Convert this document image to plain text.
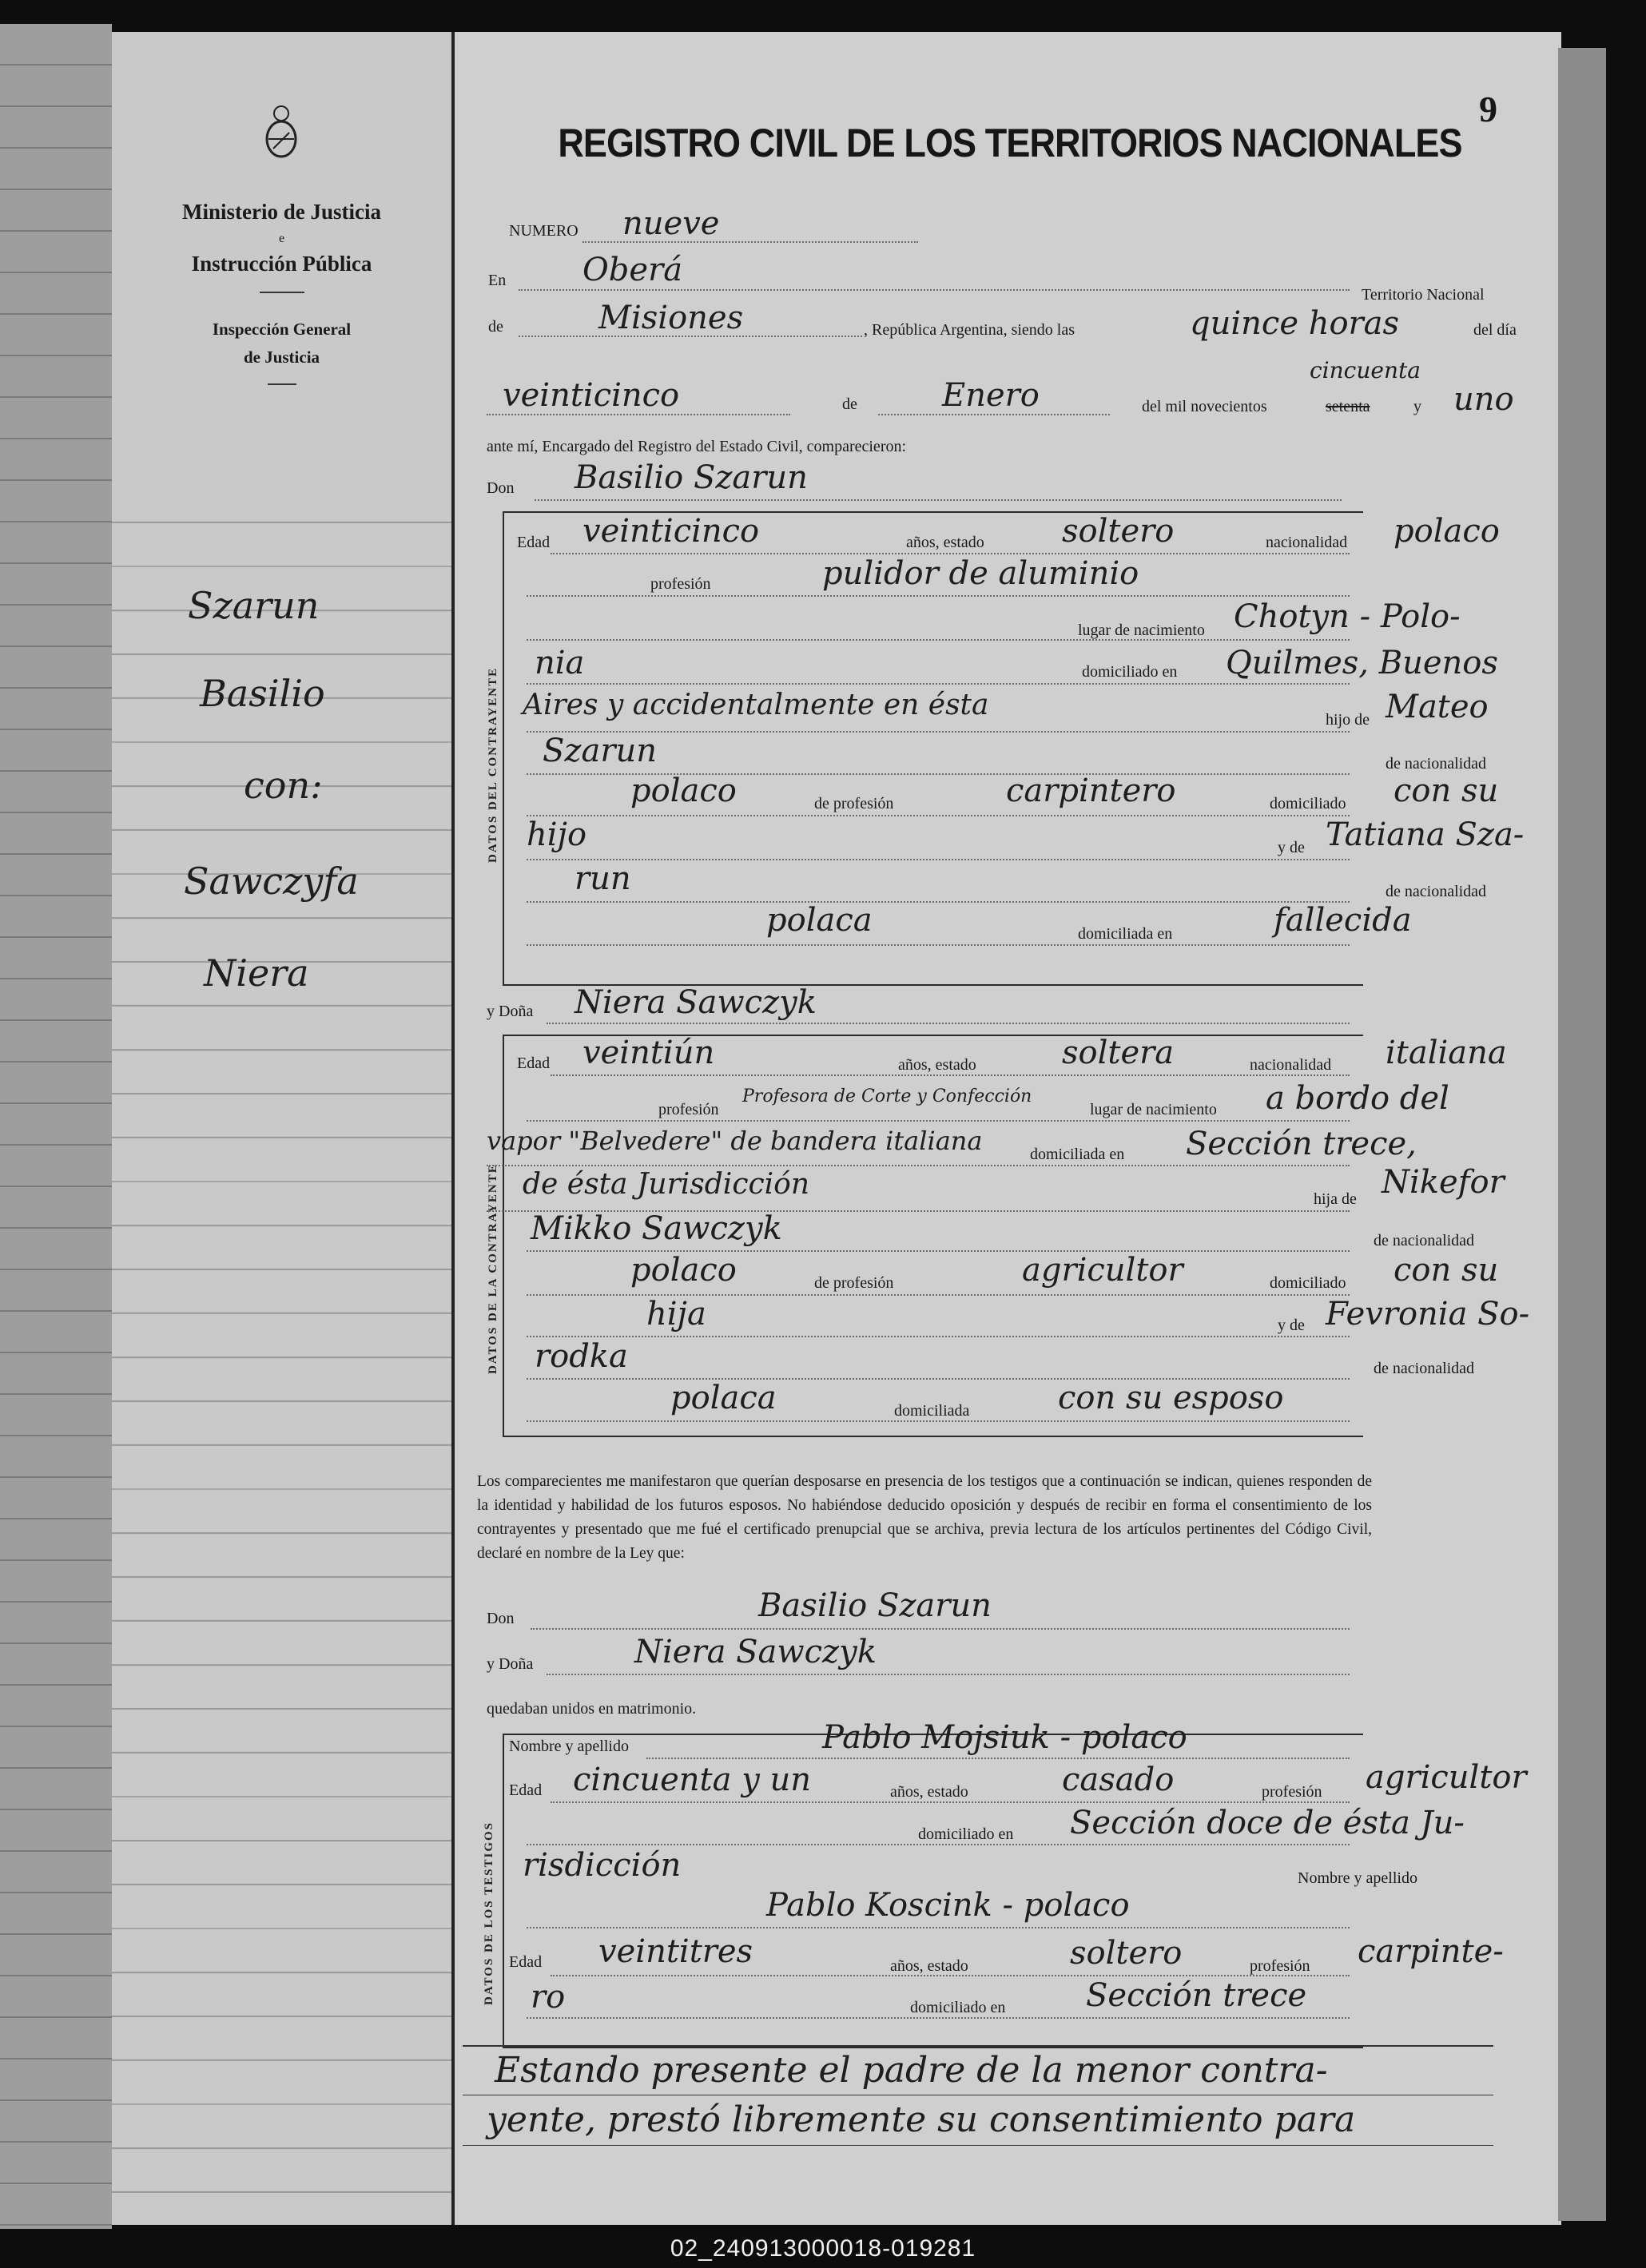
Ministerio de Justicia
e
Instrucción Pública
Inspección General
de Justicia
Szarun
Basilio
con:
Sawczyfa
Niera
9
REGISTRO CIVIL DE LOS TERRITORIOS NACIONALES
NUMERO nueve
En Oberá
Territorio Nacional
de	Misiones	, República Argentina, siendo las	quince horas	del día
veinticinco	de	Enero	del mil novecientos
cincuenta
setenta	y uno
ante mí, Encargado del Registro del Estado Civil, comparecieron:
Don Basilio Szarun
DATOS DEL CONTRAYENTE
Edad veinticinco	años, estado soltero	nacionalidad polaco
profesión	pulidor de aluminio
lugar de nacimiento Chotyn - Polo-
nia	domiciliado en Quilmes, Buenos
Aires y accidentalmente en ésta	hijo de Mateo
Szarun	de nacionalidad
polaco	de profesión	carpintero	domiciliado con su
hijo	y de Tatiana Sza-
run	de nacionalidad
polaca	domiciliada en	fallecida
y Doña Niera Sawczyk
DATOS DE LA CONTRAYENTE
Edad veintiún	años, estado	soltera	nacionalidad italiana
profesión
Profesora de Corte y Confección
lugar de nacimiento a bordo del
vapor "Belvedere" de bandera italiana	domiciliada en Sección trece,
de ésta Jurisdicción	hija de Nikefor
Mikko Sawczyk	de nacionalidad
polaco	de profesión	agricultor	domiciliado con su
hija	y de Fevronia So-
rodka	de nacionalidad
polaca	domiciliada	con su esposo
Los comparecientes me manifestaron que querían desposarse en presencia de los testigos que a continuación se indican, quienes responden de la identidad y habilidad de los futuros esposos. No habiéndose deducido oposición y después de recibir en forma el consentimiento de los contrayentes y presentado que me fué el certificado prenupcial que se archiva, previa lectura de los artículos pertinentes del Código Civil, declaré en nombre de la Ley que:
Don	Basilio Szarun
y Doña	Niera Sawczyk
quedaban unidos en matrimonio.
DATOS DE LOS TESTIGOS
Nombre y apellido	Pablo Mojsiuk - polaco
Edad cincuenta y un	años, estado	casado	profesión agricultor
domiciliado en Sección doce de ésta Ju-
risdicción	Nombre y apellido
Pablo Koscink - polaco
Edad veintitres	años, estado	soltero	profesión carpinte-
ro	domiciliado en	Sección trece
Estando presente el padre de la menor contra-
yente, prestó libremente su consentimiento para
02_240913000018-019281
